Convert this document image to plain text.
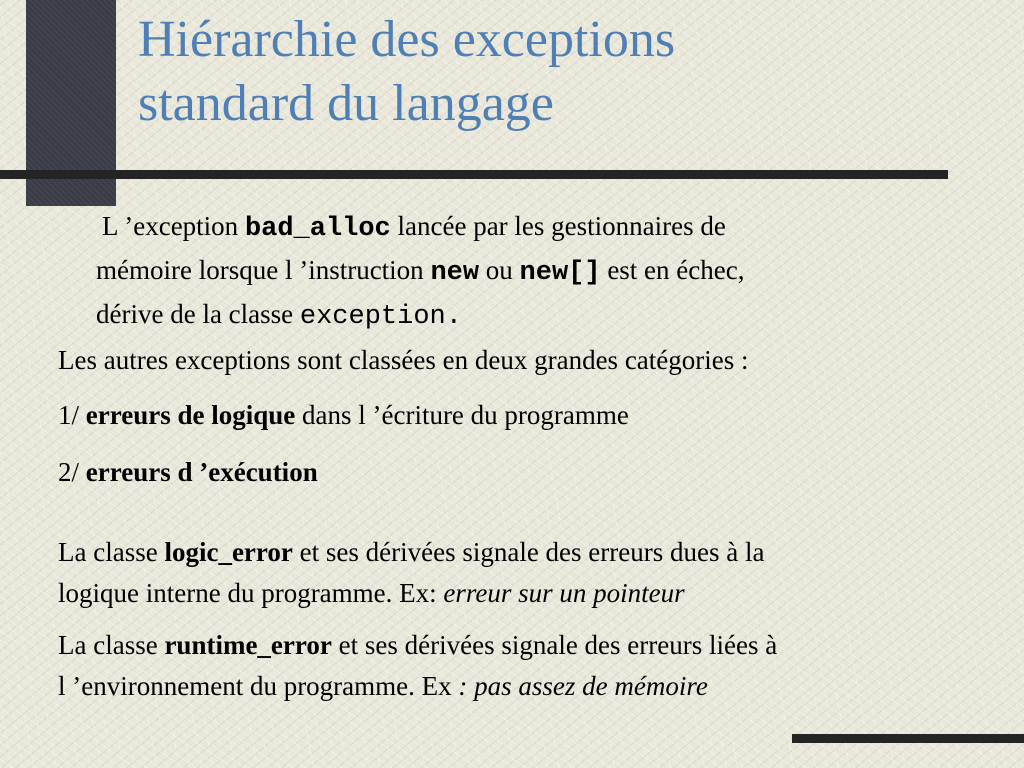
Hiérarchie des exceptions
standard du langage
L ’exception bad_alloc lancée par les gestionnaires de
mémoire lorsque l ’instruction new ou new[] est en échec,
dérive de la classe exception.

Les autres exceptions sont classées en deux grandes catégories :

1/ erreurs de logique dans l ’écriture du programme

2/ erreurs d ’exécution

La classe logic_error et ses dérivées signale des erreurs dues à la
logique interne du programme. Ex: erreur sur un pointeur
La classe runtime_error et ses dérivées signale des erreurs liées à
l ’environnement du programme. Ex : pas assez de mémoire
